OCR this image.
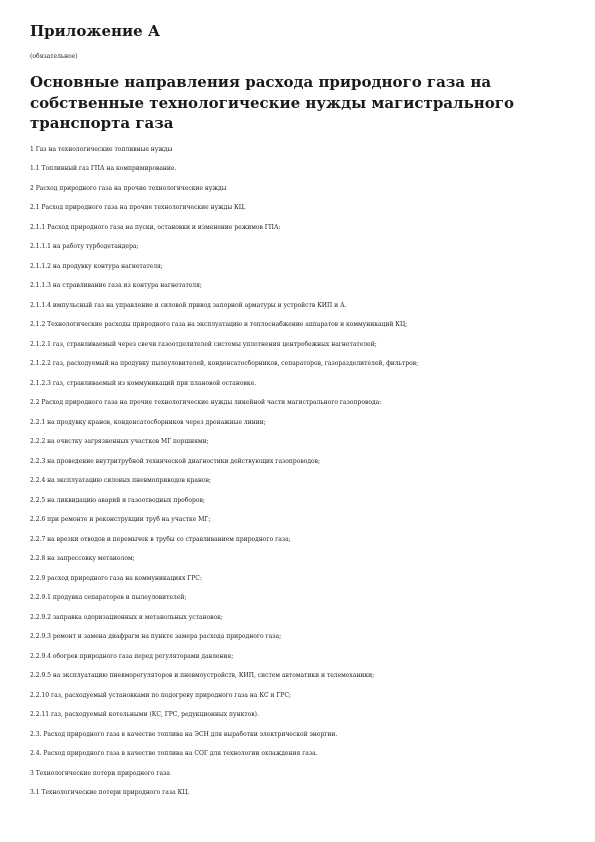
Приложение А
(обязательное)
Основные направления расхода природного газа на
собственные технологические нужды магистрального
транспорта газа
1 Газ на технологические топливные нужды
1.1 Топливный газ ГПА на компримирование.
2 Расход природного газа на прочие технологические нужды
2.1 Расход природного газа на прочие технологические нужды КЦ.
2.1.1 Расход природного газа на пуски, остановки и изменение режимов ГПА:
2.1.1.1 на работу турбодетандера;
2.1.1.2 на продувку контура нагнетателя;
2.1.1.3 на стравливание газа из контура нагнетателя;
2.1.1.4 импульсный газ на управление и силовой привод запорной арматуры и устройств КИП и А.
2.1.2 Технологические расходы природного газа на эксплуатацию и теплоснабжение аппаратов и коммуникаций КЦ;
2.1.2.1 газ, стравливаемый через свечи газоотделителей системы уплотнения центробежных нагнетателей;
2.1.2.2 газ, расходуемый на продувку пылеуловителей, конденсатосборников, сепараторов, газоразделителей, фильтров;
2.1.2.3 газ, стравливаемый из коммуникаций при плановой остановке.
2.2 Расход природного газа на прочие технологические нужды линейной части магистрального газопровода:
2.2.1 на продувку кранов, конденсатосборников через дренажные линии;
2.2.2 на очистку загрязненных участков МГ поршнями;
2.2.3 на проведение внутритрубной технической диагностики действующих газопроводов;
2.2.4 на эксплуатацию силовых пневмоприводов кранов;
2.2.5 на ликвидацию аварий и газоотводных проборов;
2.2.6 при ремонте и реконструкции труб на участке МГ;
2.2.7 на врезки отводов и перемычек в трубы со стравливанием природного газа;
2.2.8 на запрессовку метанолом;
2.2.9 расход природного газа на коммуникациях ГРС:
2.2.9.1 продувка сепараторов и пылеуловителей;
2.2.9.2 заправка одоризационных и метанольных установок;
2.2.9.3 ремонт и замена диафрагм на пункте замера расхода природного газа;
2.2.9.4 обогрев природного газа перед регуляторами давления;
2.2.9.5 на эксплуатацию пневморегуляторов и пневмоустройств, КИП, систем автоматики и телемеханики;
2.2.10 газ, расходуемый установками по подогреву природного газа на КС и ГРС;
2.2.11 газ, расходуемый котельными (КС, ГРС, редукционных пунктов).
2.3. Расход природного газа в качестве топлива на ЭСН для выработки электрической энергии.
2.4. Расход природного газа в качестве топлива на СОГ для технологии охлаждения газа.
3 Технологические потери природного газа
3.1 Технологические потери природного газа КЦ.
